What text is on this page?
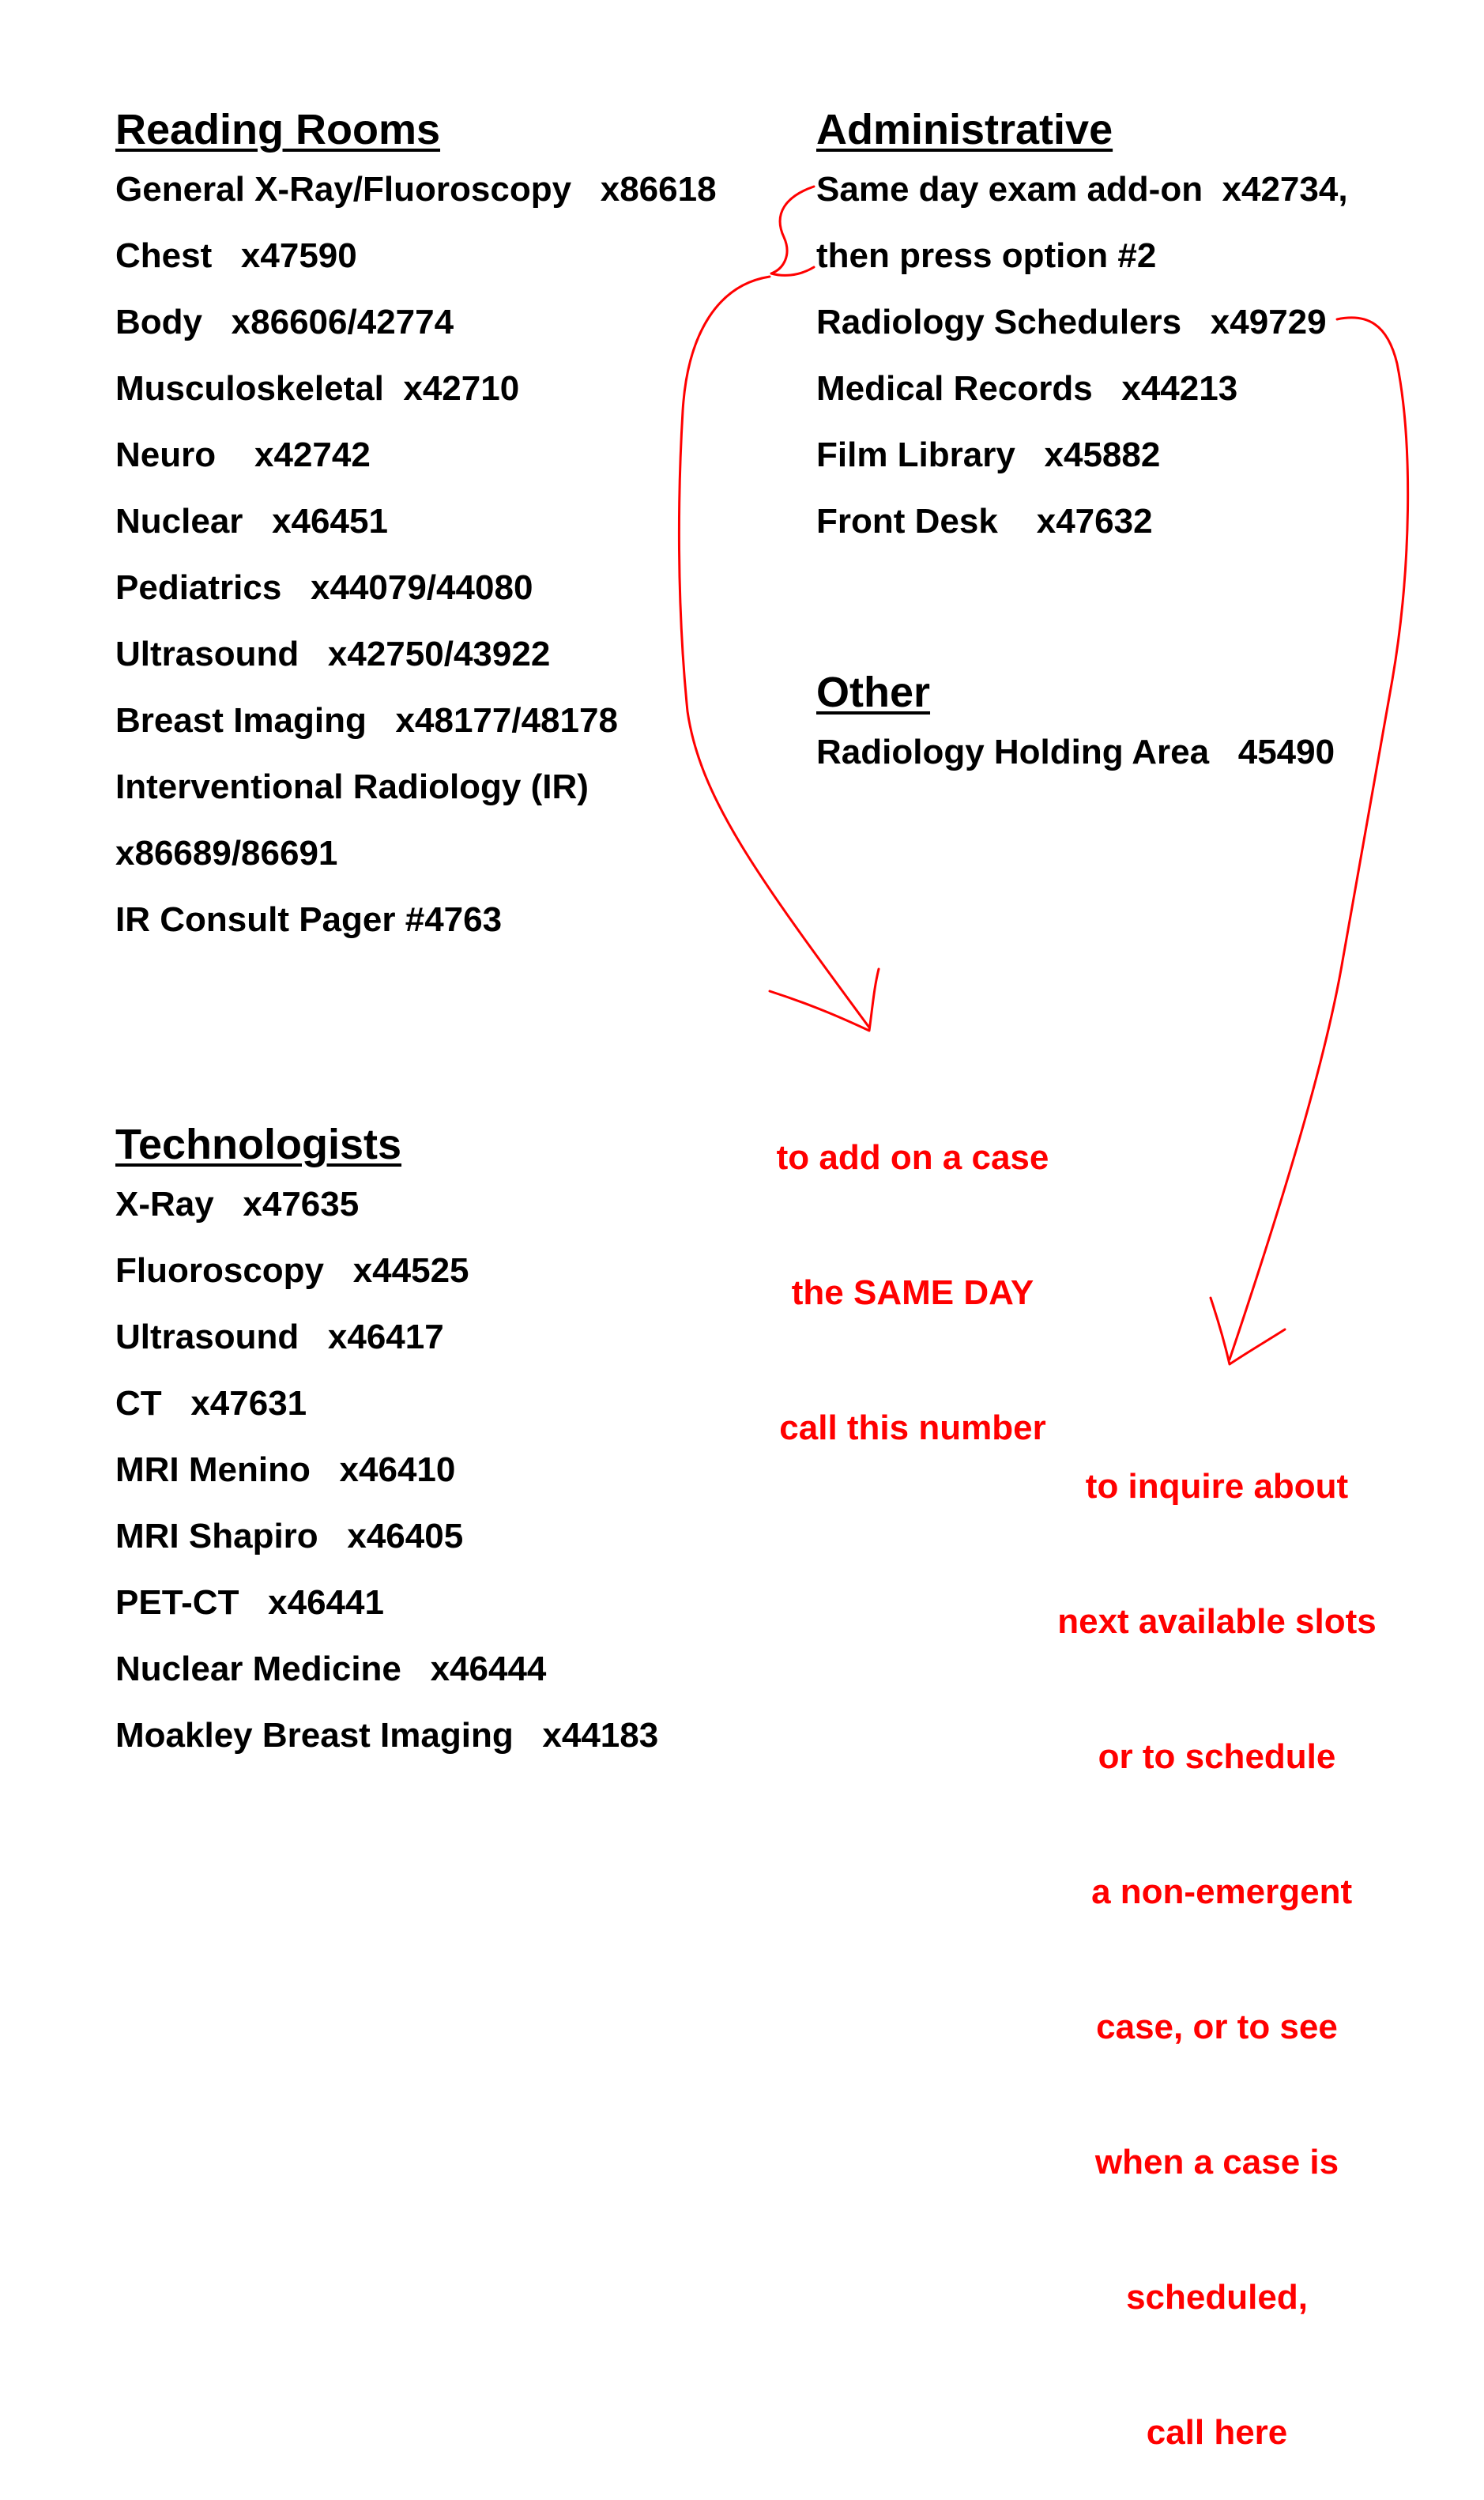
Reading Rooms
General X-Ray/Fluoroscopy   x86618
Chest   x47590
Body   x86606/42774
Musculoskeletal  x42710
Neuro    x42742
Nuclear   x46451
Pediatrics   x44079/44080
Ultrasound   x42750/43922
Breast Imaging   x48177/48178
Interventional Radiology (IR)
x86689/86691
IR Consult Pager #4763
Administrative
Same day exam add-on  x42734,
then press option #2
Radiology Schedulers   x49729
Medical Records   x44213
Film Library   x45882
Front Desk    x47632
Other
Radiology Holding Area   45490
Technologists
X-Ray   x47635
Fluoroscopy   x44525
Ultrasound   x46417
CT   x47631
MRI Menino   x46410
MRI Shapiro   x46405
PET-CT   x46441
Nuclear Medicine   x46444
Moakley Breast Imaging   x44183

to add on a case

the SAME DAY

call this number

to inquire about

next available slots

or to schedule

a non-emergent

case, or to see

when a case is

scheduled,

call here
